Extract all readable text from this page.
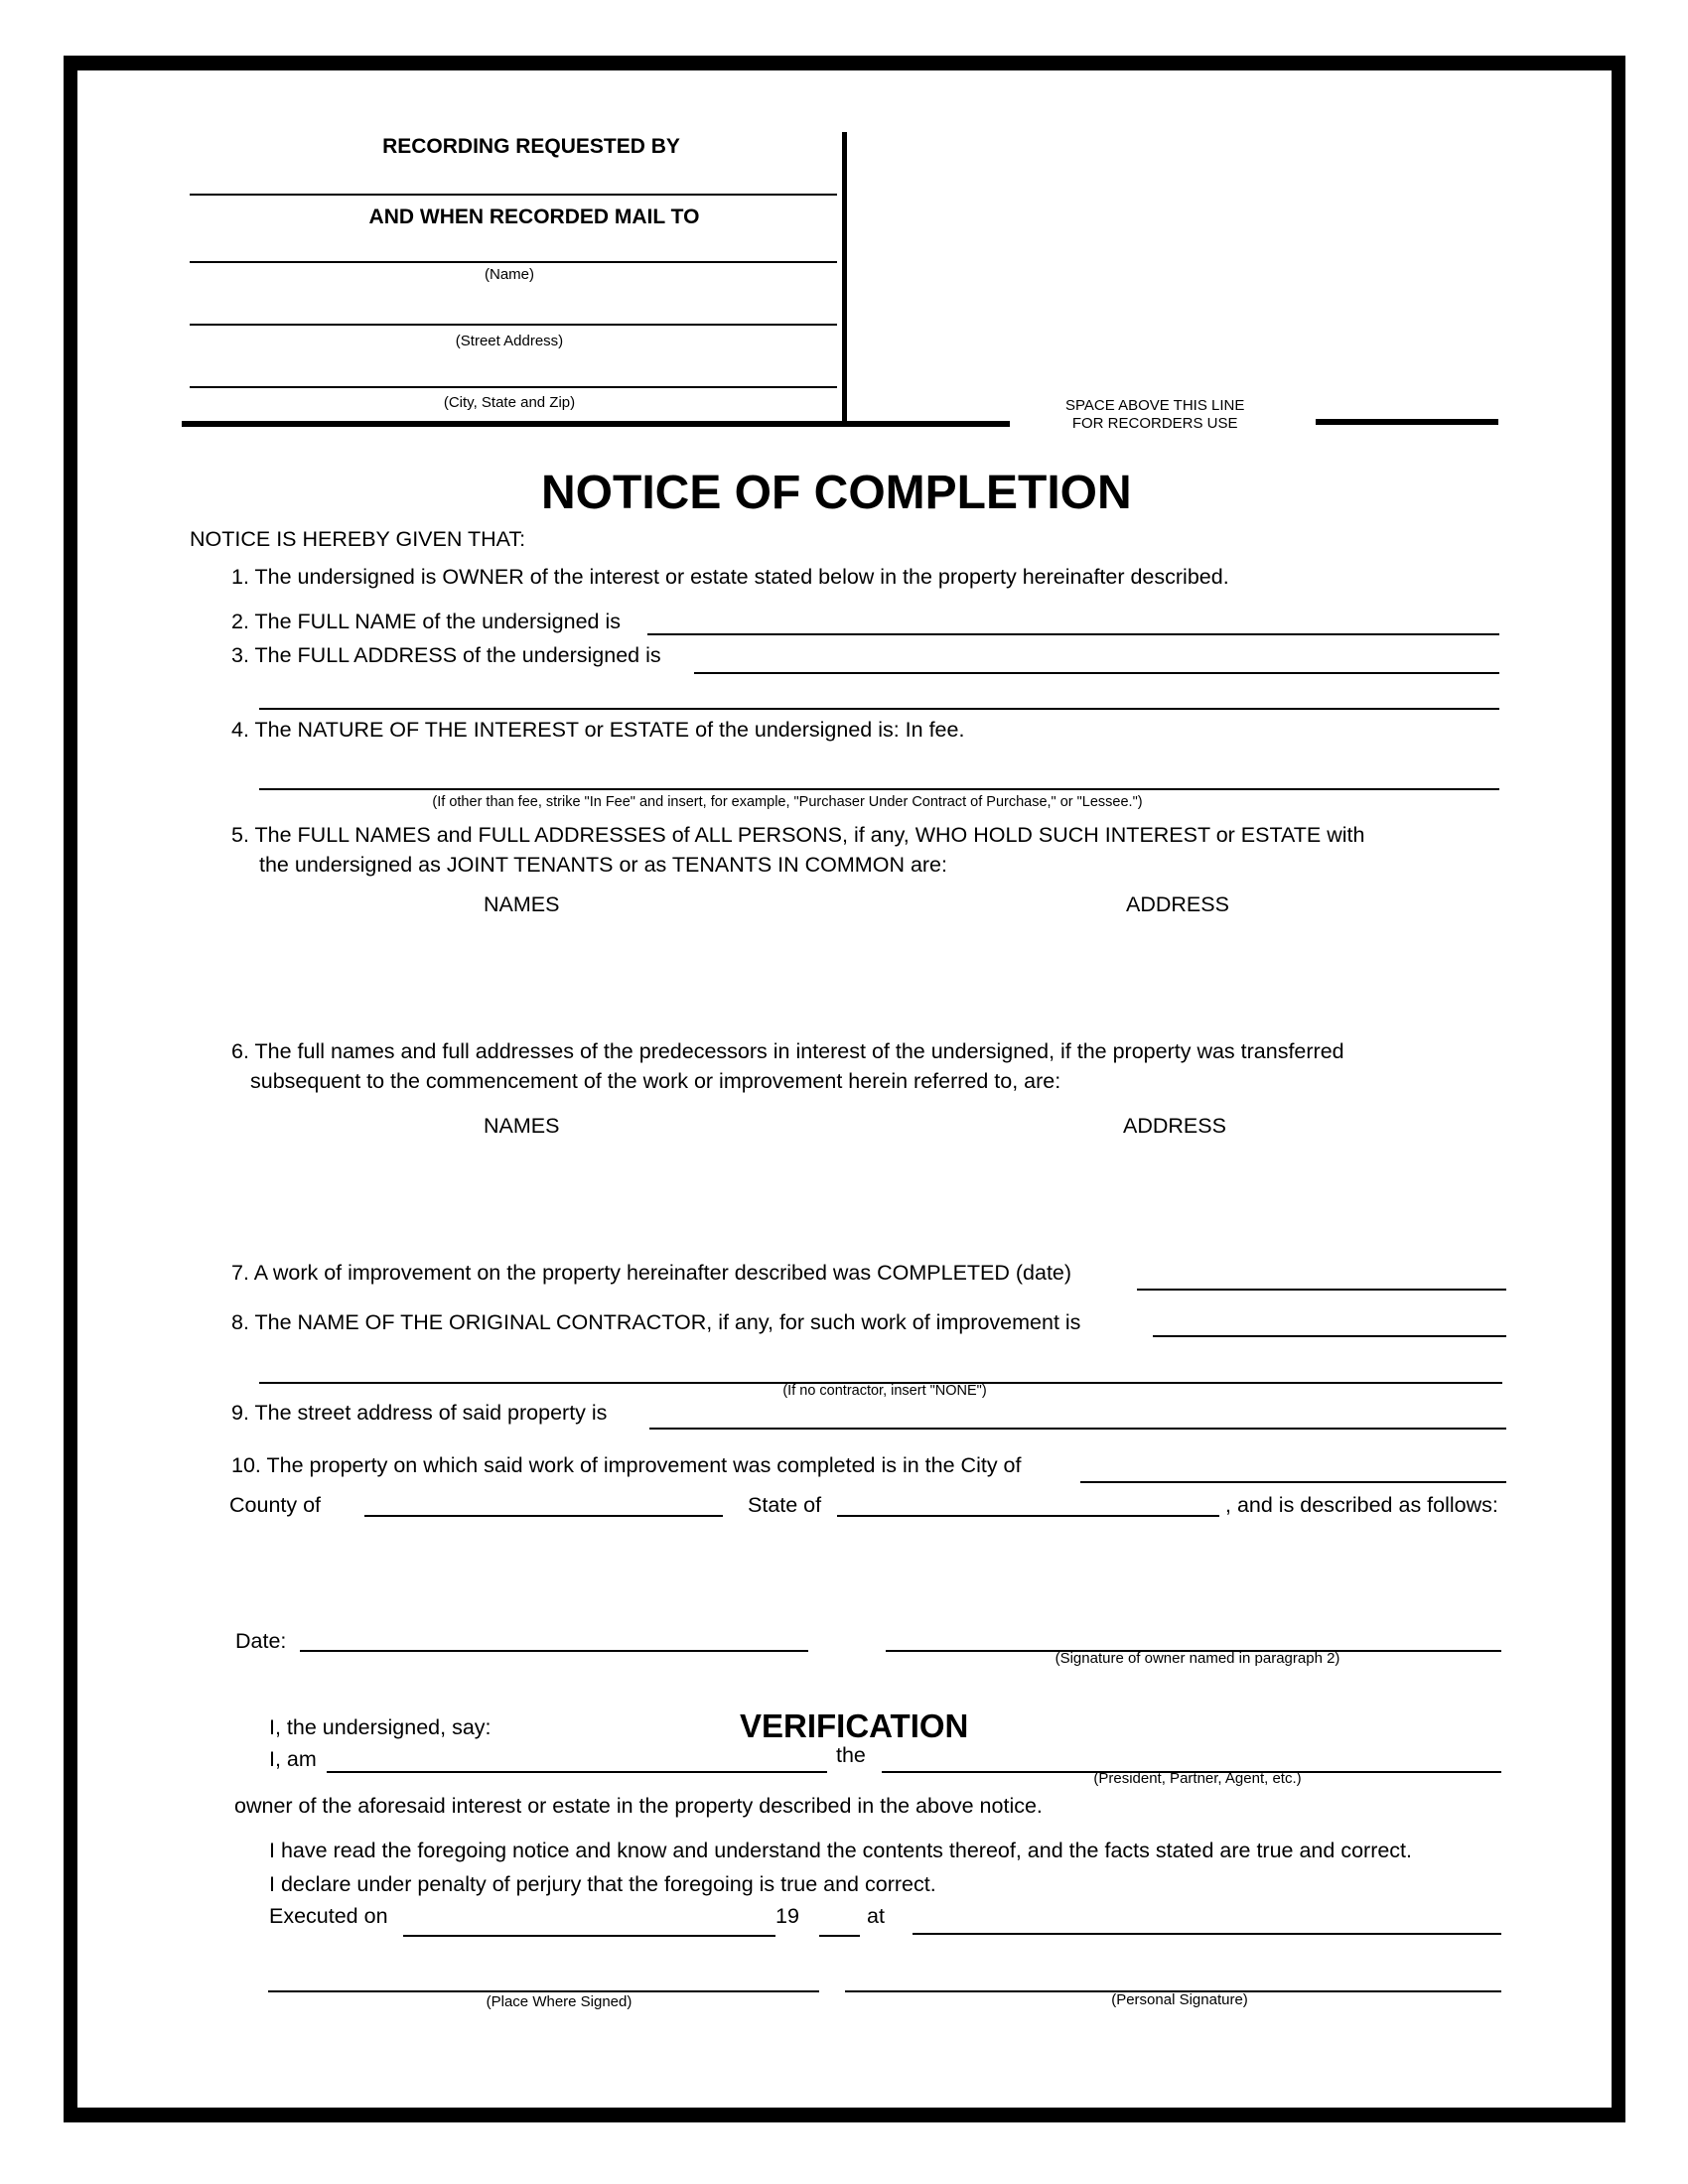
RECORDING REQUESTED BY
AND WHEN RECORDED MAIL TO
(Name)
(Street Address)
(City, State and Zip)	SPACE ABOVE THIS LINE
FOR RECORDERS USE
NOTICE OF COMPLETION
NOTICE IS HEREBY GIVEN THAT:
1. The undersigned is OWNER of the interest or estate stated below in the property hereinafter described.
2. The FULL NAME of the undersigned is
3. The FULL ADDRESS of the undersigned is
4. The NATURE OF THE INTEREST or ESTATE of the undersigned is: In fee.
(If other than fee, strike "In Fee" and insert, for example, "Purchaser Under Contract of Purchase," or "Lessee.")
5. The FULL NAMES and FULL ADDRESSES of ALL PERSONS, if any, WHO HOLD SUCH INTEREST or ESTATE with
the undersigned as JOINT TENANTS or as TENANTS IN COMMON are:
NAMES	ADDRESS
6. The full names and full addresses of the predecessors in interest of the undersigned, if the property was transferred
subsequent to the commencement of the work or improvement herein referred to, are:
NAMES	ADDRESS
7. A work of improvement on the property hereinafter described was COMPLETED (date)
8. The NAME OF THE ORIGINAL CONTRACTOR, if any, for such work of improvement is
(If no contractor, insert "NONE")
9. The street address of said property is
10. The property on which said work of improvement was completed is in the City of
County of	State of	, and is described as follows:
Date:
(Signature of owner named in paragraph 2)
I, the undersigned, say:	VERIFICATION
I, am	the
(President, Partner, Agent, etc.)
owner of the aforesaid interest or estate in the property described in the above notice.
I have read the foregoing notice and know and understand the contents thereof, and the facts stated are true and correct.
I declare under penalty of perjury that the foregoing is true and correct.
Executed on	19	at
(Place Where Signed)	(Personal Signature)
